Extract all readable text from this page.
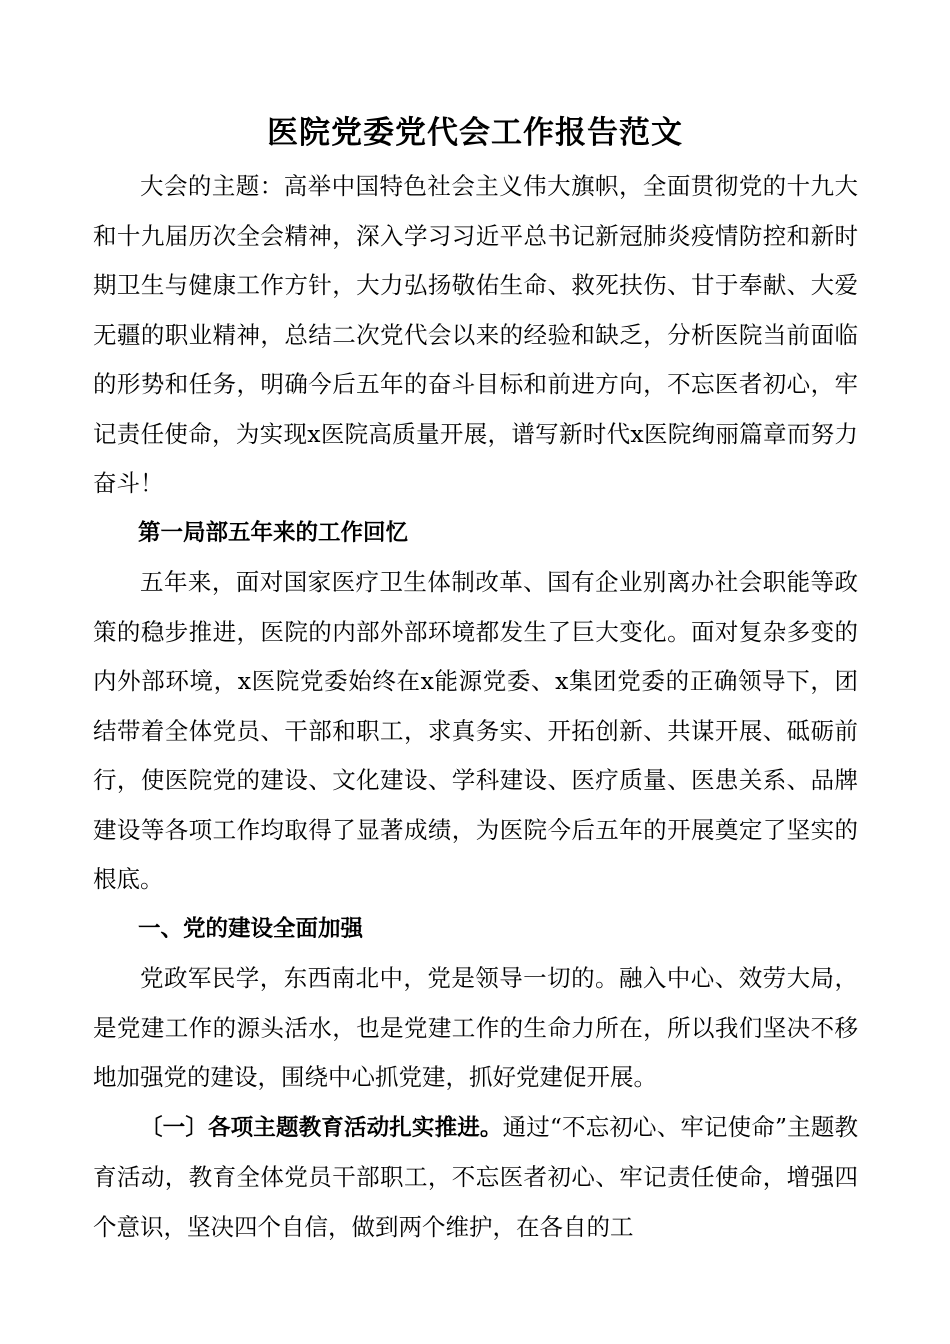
医院党委党代会工作报告范文

大会的主题：高举中国特色社会主义伟大旗帜，全面贯彻党的十九大和十九届历次全会精神，深入学习习近平总书记新冠肺炎疫情防控和新时期卫生与健康工作方针，大力弘扬敬佑生命、救死扶伤、甘于奉献、大爱无疆的职业精神，总结二次党代会以来的经验和缺乏，分析医院当前面临的形势和任务，明确今后五年的奋斗目标和前进方向，不忘医者初心，牢记责任使命，为实现x医院高质量开展，谱写新时代x医院绚丽篇章而努力奋斗！

第一局部五年来的工作回忆

五年来，面对国家医疗卫生体制改革、国有企业别离办社会职能等政策的稳步推进，医院的内部外部环境都发生了巨大变化。面对复杂多变的内外部环境，x医院党委始终在x能源党委、x集团党委的正确领导下，团结带着全体党员、干部和职工，求真务实、开拓创新、共谋开展、砥砺前行，使医院党的建设、文化建设、学科建设、医疗质量、医患关系、品牌建设等各项工作均取得了显著成绩，为医院今后五年的开展奠定了坚实的根底。

一、党的建设全面加强

党政军民学，东西南北中，党是领导一切的。融入中心、效劳大局，是党建工作的源头活水，也是党建工作的生命力所在，所以我们坚决不移地加强党的建设，围绕中心抓党建，抓好党建促开展。

〔一〕各项主题教育活动扎实推进。通过“不忘初心、牢记使命”主题教育活动，教育全体党员干部职工，不忘医者初心、牢记责任使命，增强四个意识，坚决四个自信，做到两个维护，在各自的工
